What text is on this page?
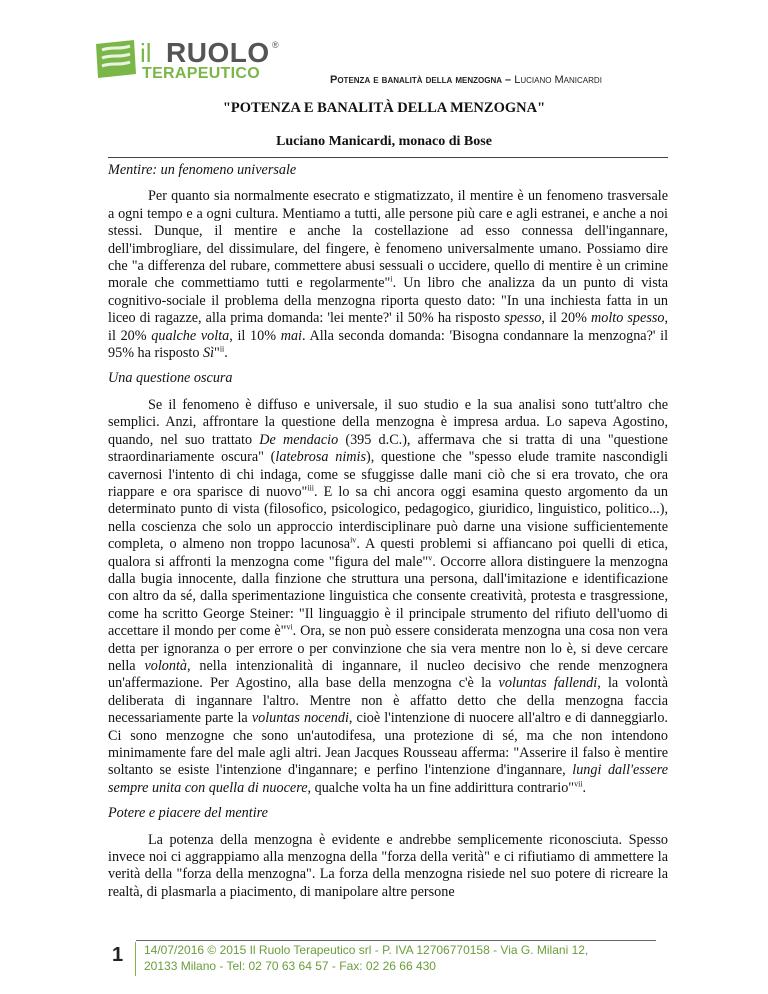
il RUOLO ®
TERAPEUTICO	Potenza e banalità della menzogna – Luciano Manicardi
"POTENZA E BANALITÀ DELLA MENZOGNA"
Luciano Manicardi, monaco di Bose
Mentire: un fenomeno universale

Per quanto sia normalmente esecrato e stigmatizzato, il mentire è un fenomeno trasversale a ogni tempo e a ogni cultura. Mentiamo a tutti, alle persone più care e agli estranei, e anche a noi stessi. Dunque, il mentire e anche la costellazione ad esso connessa dell'ingannare, dell'imbrogliare, del dissimulare, del fingere, è fenomeno universalmente umano. Possiamo dire che "a differenza del rubare, commettere abusi sessuali o uccidere, quello di mentire è un crimine morale che commettiamo tutti e regolarmente"$^i$. Un libro che analizza da un punto di vista cognitivo-sociale il problema della menzogna riporta questo dato: "In una inchiesta fatta in un liceo di ragazze, alla prima domanda: 'lei mente?' il 50% ha risposto spesso, il 20% molto spesso, il 20% qualche volta, il 10% mai. Alla seconda domanda: 'Bisogna condannare la menzogna?' il 95% ha risposto Sì"$^{ii}$.

Una questione oscura

Se il fenomeno è diffuso e universale, il suo studio e la sua analisi sono tutt'altro che semplici. Anzi, affrontare la questione della menzogna è impresa ardua. Lo sapeva Agostino, quando, nel suo trattato De mendacio (395 d.C.), affermava che si tratta di una "questione straordinariamente oscura" (latebrosa nimis), questione che "spesso elude tramite nascondigli cavernosi l'intento di chi indaga, come se sfuggisse dalle mani ciò che si era trovato, che ora riappare e ora sparisce di nuovo"$^{iii}$. E lo sa chi ancora oggi esamina questo argomento da un determinato punto di vista (filosofico, psicologico, pedagogico, giuridico, linguistico, politico...), nella coscienza che solo un approccio interdisciplinare può darne una visione sufficientemente completa, o almeno non troppo lacunosa$^{iv}$. A questi problemi si affiancano poi quelli di etica, qualora si affronti la menzogna come "figura del male"$^v$. Occorre allora distinguere la menzogna dalla bugia innocente, dalla finzione che struttura una persona, dall'imitazione e identificazione con altro da sé, dalla sperimentazione linguistica che consente creatività, protesta e trasgressione, come ha scritto George Steiner: "Il linguaggio è il principale strumento del rifiuto dell'uomo di accettare il mondo per come è"$^{vi}$. Ora, se non può essere considerata menzogna una cosa non vera detta per ignoranza o per errore o per convinzione che sia vera mentre non lo è, si deve cercare nella volontà, nella intenzionalità di ingannare, il nucleo decisivo che rende menzognera un'affermazione. Per Agostino, alla base della menzogna c'è la voluntas fallendi, la volontà deliberata di ingannare l'altro. Mentre non è affatto detto che della menzogna faccia necessariamente parte la voluntas nocendi, cioè l'intenzione di nuocere all'altro e di danneggiarlo. Ci sono menzogne che sono un'autodifesa, una protezione di sé, ma che non intendono minimamente fare del male agli altri. Jean Jacques Rousseau afferma: "Asserire il falso è mentire soltanto se esiste l'intenzione d'ingannare; e perfino l'intenzione d'ingannare, lungi dall'essere sempre unita con quella di nuocere, qualche volta ha un fine addirittura contrario"$^{vii}$.

Potere e piacere del mentire

La potenza della menzogna è evidente e andrebbe semplicemente riconosciuta. Spesso invece noi ci aggrappiamo alla menzogna della "forza della verità" e ci rifiutiamo di ammettere la verità della "forza della menzogna". La forza della menzogna risiede nel suo potere di ricreare la realtà, di plasmarla a piacimento, di manipolare altre persone

1 14/07/2016 © 2015 Il Ruolo Terapeutico srl - P. IVA 12706770158 - Via G. Milani 12,
20133 Milano - Tel: 02 70 63 64 57 - Fax: 02 26 66 430
